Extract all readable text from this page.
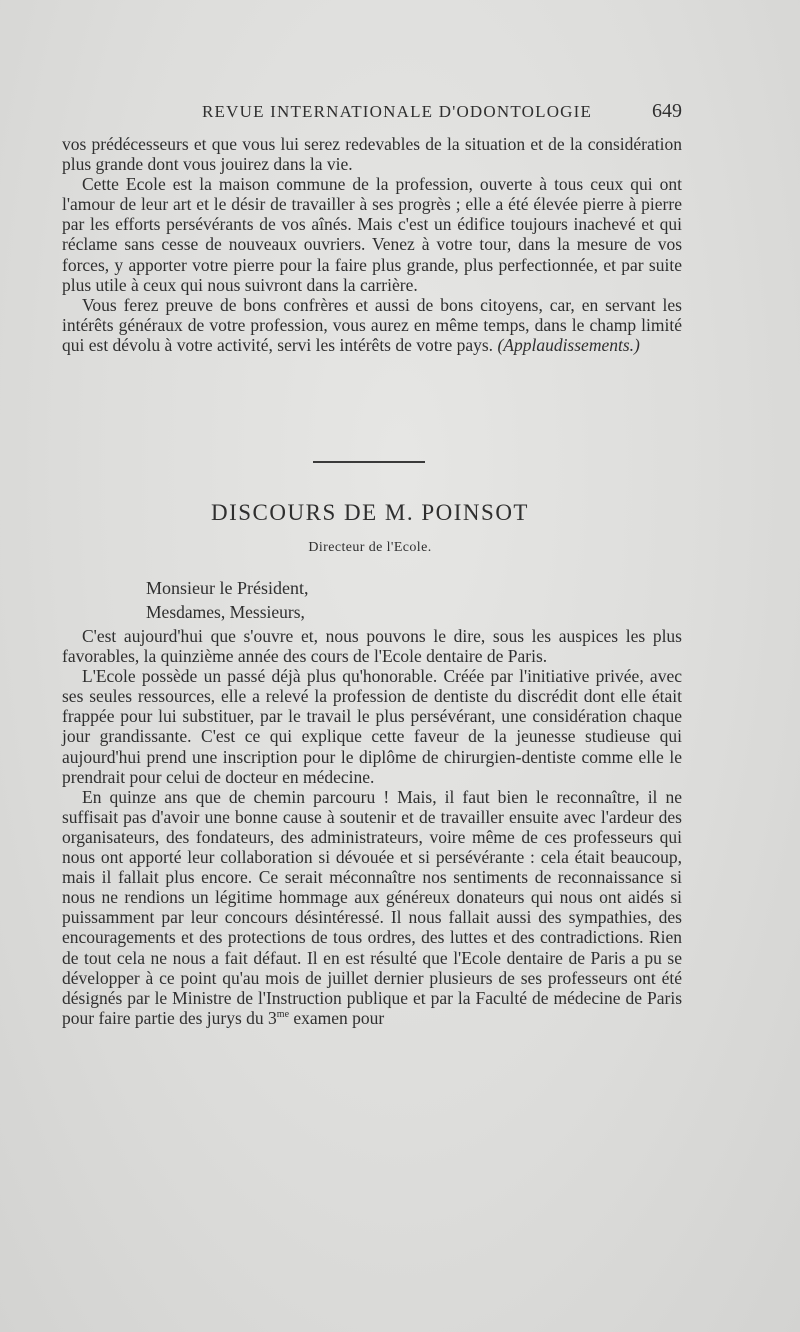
REVUE INTERNATIONALE D'ODONTOLOGIE	649

vos prédécesseurs et que vous lui serez redevables de la situation et de la considération plus grande dont vous jouirez dans la vie.

Cette Ecole est la maison commune de la profession, ouverte à tous ceux qui ont l'amour de leur art et le désir de travailler à ses progrès ; elle a été élevée pierre à pierre par les efforts persévérants de vos aînés. Mais c'est un édifice toujours inachevé et qui réclame sans cesse de nouveaux ouvriers. Venez à votre tour, dans la mesure de vos forces, y apporter votre pierre pour la faire plus grande, plus perfectionnée, et par suite plus utile à ceux qui nous suivront dans la carrière.

Vous ferez preuve de bons confrères et aussi de bons citoyens, car, en servant les intérêts généraux de votre profession, vous aurez en même temps, dans le champ limité qui est dévolu à votre activité, servi les intérêts de votre pays. (Applaudissements.)

DISCOURS DE M. POINSOT
Directeur de l'Ecole.
Monsieur le Président,
Mesdames, Messieurs,

C'est aujourd'hui que s'ouvre et, nous pouvons le dire, sous les auspices les plus favorables, la quinzième année des cours de l'Ecole dentaire de Paris.

L'Ecole possède un passé déjà plus qu'honorable. Créée par l'initiative privée, avec ses seules ressources, elle a relevé la profession de dentiste du discrédit dont elle était frappée pour lui substituer, par le travail le plus persévérant, une considération chaque jour grandissante. C'est ce qui explique cette faveur de la jeunesse studieuse qui aujourd'hui prend une inscription pour le diplôme de chirurgien-dentiste comme elle le prendrait pour celui de docteur en médecine.

En quinze ans que de chemin parcouru ! Mais, il faut bien le reconnaître, il ne suffisait pas d'avoir une bonne cause à soutenir et de travailler ensuite avec l'ardeur des organisateurs, des fondateurs, des administrateurs, voire même de ces professeurs qui nous ont apporté leur collaboration si dévouée et si persévérante : cela était beaucoup, mais il fallait plus encore. Ce serait méconnaître nos sentiments de reconnaissance si nous ne rendions un légitime hommage aux généreux donateurs qui nous ont aidés si puissamment par leur concours désintéressé. Il nous fallait aussi des sympathies, des encouragements et des protections de tous ordres, des luttes et des contradictions. Rien de tout cela ne nous a fait défaut. Il en est résulté que l'Ecole dentaire de Paris a pu se développer à ce point qu'au mois de juillet dernier plusieurs de ses professeurs ont été désignés par le Ministre de l'Instruction publique et par la Faculté de médecine de Paris pour faire partie des jurys du $3^{me}$ examen pour
